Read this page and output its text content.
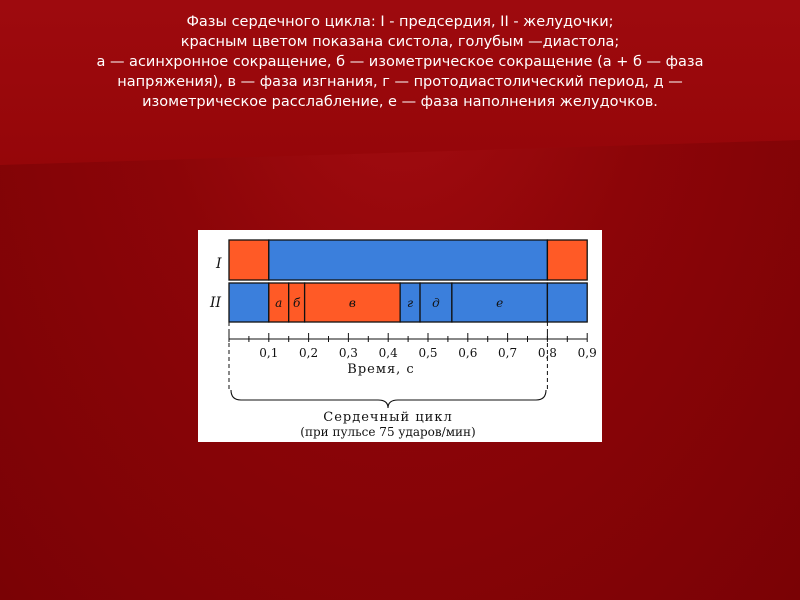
Фазы сердечного цикла: I - предсердия, II - желудочки;
красным цветом показана систола, голубым —диастола;
а — асинхронное сокращение, б — изометрическое сокращение (а + б — фаза
напряжения), в — фаза изгнания, г — протодиастолический период, д —
изометрическое расслабление, е — фаза наполнения желудочков.
I
II	а б	в	г д	е
0,1 0,2 0,3 0,4 0,5 0,6 0,7 0,8 0,9
Время, с
Сердечный цикл
(при пульсе 75 ударов/мин)
